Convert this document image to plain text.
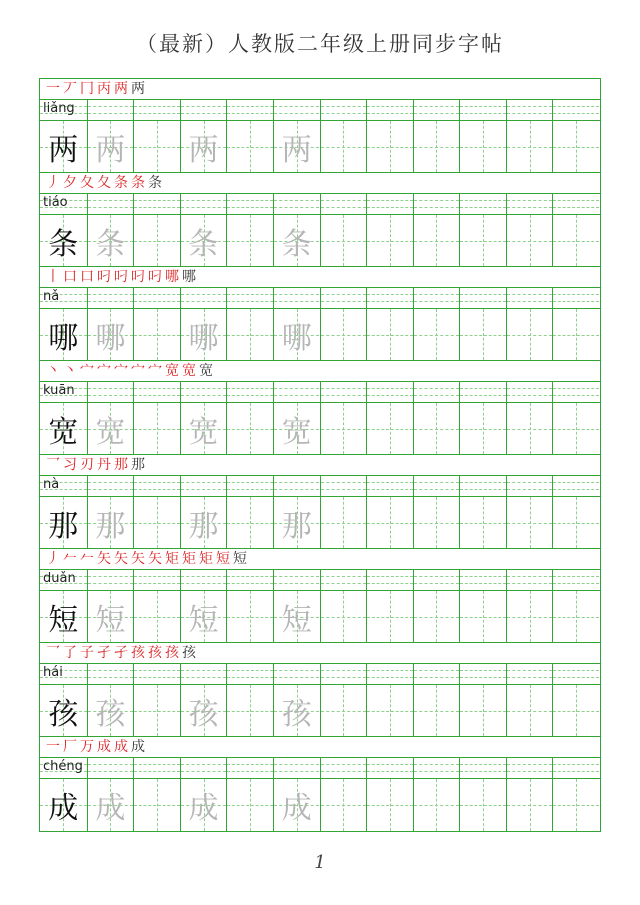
（最新）人教版二年级上册同步字帖
一 丆 冂 丙 两 两
liǎng
两 两 两 两
丿 夕 夂 夂 条 条 条
tiáo
条 条 条 条
丨 口 口 叼 叼 叼 叼 哪 哪
nǎ
哪 哪 哪 哪
丶 丶 宀 宀 宀 宀 宀 宽 宽 宽
kuān
宽 宽 宽 宽
乛 习 刃 丹 那 那
nà
那 那 那 那
丿 𠂉 𠂉 矢 矢 矢 矢 矩 矩 矩 短 短
duǎn
短 短 短 短
乛 了 子 孑 孑 孩 孩 孩 孩
hái
孩 孩 孩 孩
一 厂 万 成 成 成
chéng
成 成 成 成
1
